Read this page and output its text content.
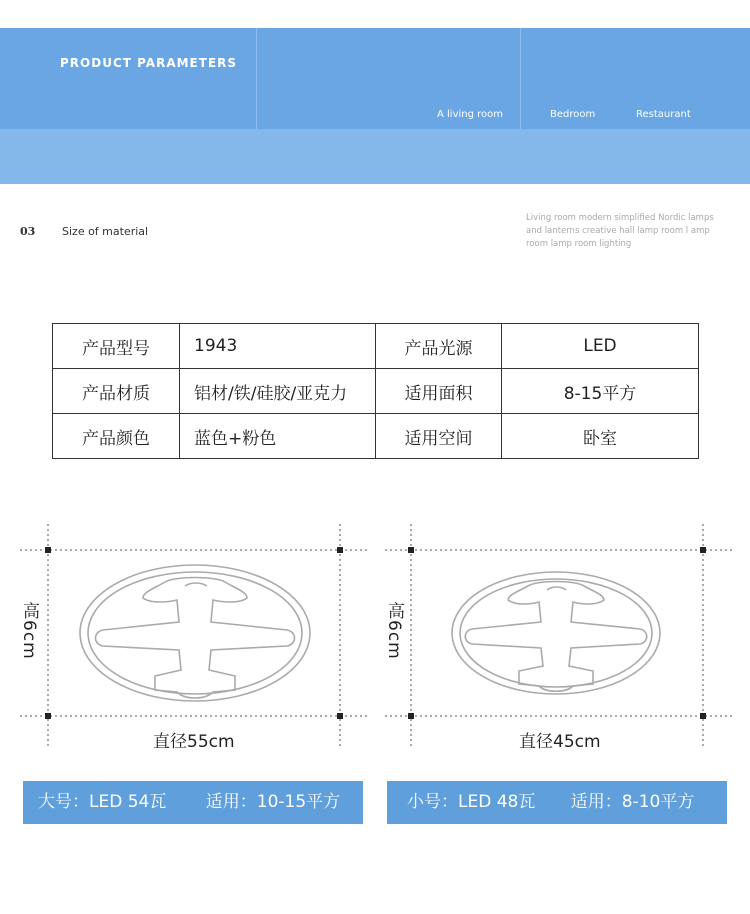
PRODUCT PARAMETERS
A living room	Bedroom	Restaurant
03 Size of material
Living room modern simplified Nordic lamps and lanterns creative hall lamp room l amp room lamp room lighting
产品型号	1943	产品光源	LED
产品材质	铝材/铁/硅胶/亚克力	适用面积	8-15平方
产品颜色	蓝色+粉色	适用空间	卧室
高6cm
直径55cm
高6cm
直径45cm
大号：LED 54瓦 适用：10-15平方	小号：LED 48瓦 适用：8-10平方
